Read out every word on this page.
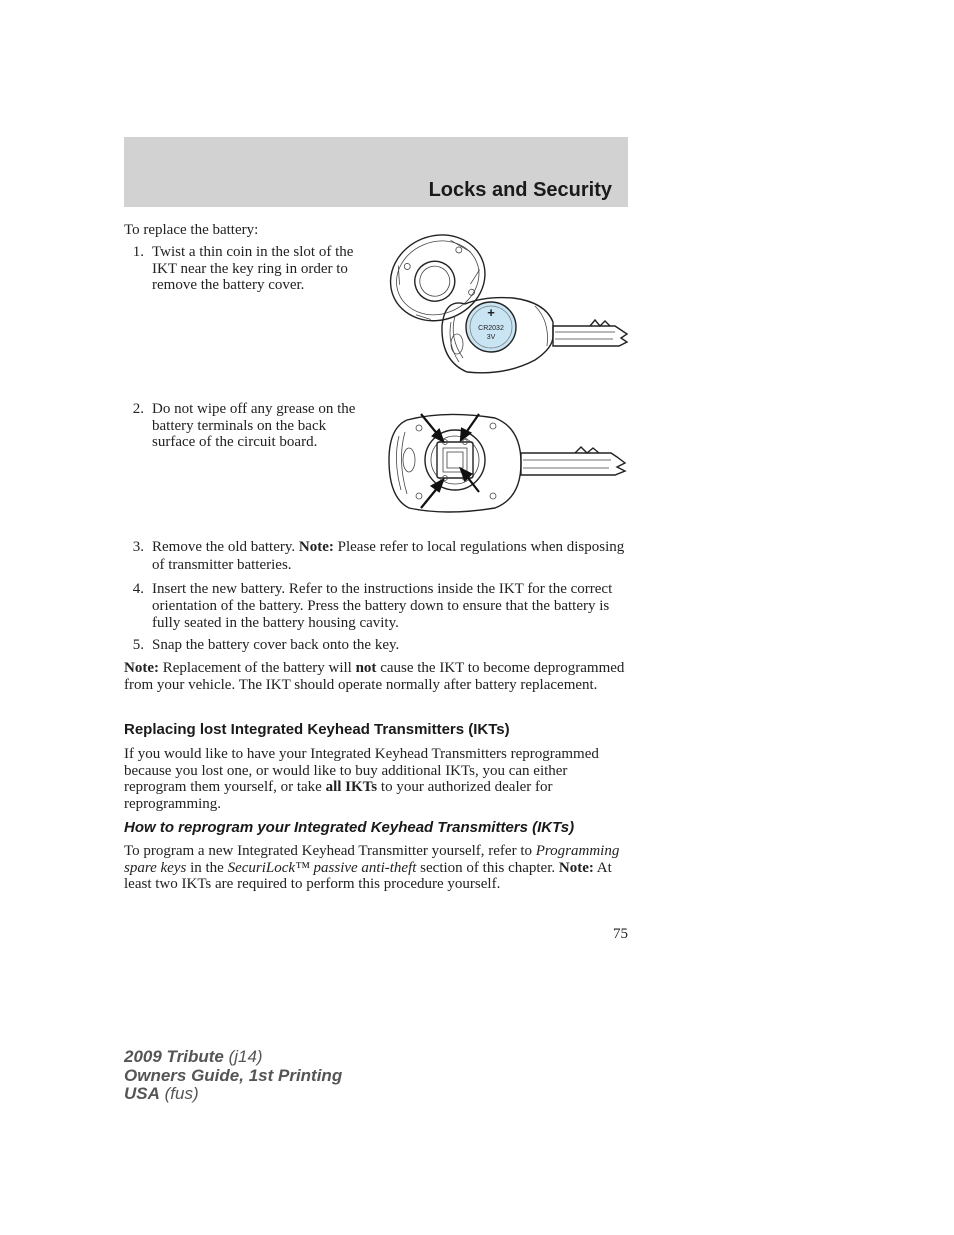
Locks and Security
To replace the battery:
1. Twist a thin coin in the slot of the IKT near the key ring in order to remove the battery cover.
+
CR2032
3V
2. Do not wipe off any grease on the battery terminals on the back surface of the circuit board.
3. Remove the old battery. Note: Please refer to local regulations when disposing of transmitter batteries.
4. Insert the new battery. Refer to the instructions inside the IKT for the correct orientation of the battery. Press the battery down to ensure that the battery is fully seated in the battery housing cavity.
5. Snap the battery cover back onto the key.
Note: Replacement of the battery will not cause the IKT to become deprogrammed from your vehicle. The IKT should operate normally after battery replacement.
Replacing lost Integrated Keyhead Transmitters (IKTs)
If you would like to have your Integrated Keyhead Transmitters reprogrammed because you lost one, or would like to buy additional IKTs, you can either reprogram them yourself, or take all IKTs to your authorized dealer for reprogramming.
How to reprogram your Integrated Keyhead Transmitters (IKTs)
To program a new Integrated Keyhead Transmitter yourself, refer to Programming spare keys in the SecuriLock™ passive anti-theft section of this chapter. Note: At least two IKTs are required to perform this procedure yourself.
75
2009 Tribute (j14)
Owners Guide, 1st Printing
USA (fus)
